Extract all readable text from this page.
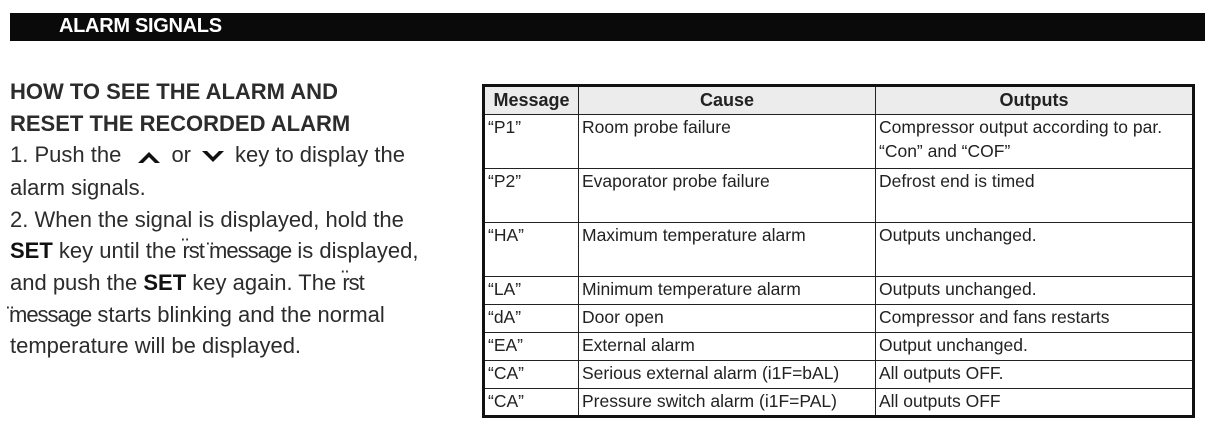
ALARM SIGNALS
HOW TO SEE THE ALARM AND
RESET THE RECORDED ALARM

1. Push the or key to display the alarm signals.

2. When the signal is displayed, hold the SET key until the r̈st ̈message is displayed, and push the SET key again. The r̈st ̈message starts blinking and the normal temperature will be displayed.

Message	Cause	Outputs
“P1”	Room probe failure	Compressor output according to par. “Con” and “COF”
“P2”	Evaporator probe failure	Defrost end is timed
“HA”	Maximum temperature alarm	Outputs unchanged.
“LA”	Minimum temperature alarm	Outputs unchanged.
“dA”	Door open	Compressor and fans restarts
“EA”	External alarm	Output unchanged.
“CA”	Serious external alarm (i1F=bAL)	All outputs OFF.
“CA”	Pressure switch alarm (i1F=PAL)	All outputs OFF
